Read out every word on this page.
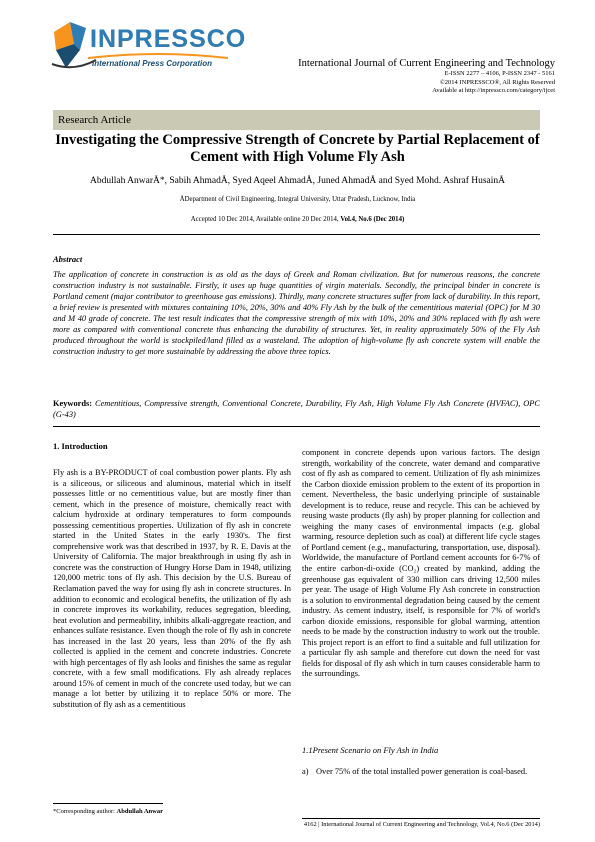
INPRESSCO
International Press Corporation	International Journal of Current Engineering and Technology
E-ISSN 2277 – 4106, P-ISSN 2347 - 5161
©2014 INPRESSCO®, All Rights Reserved
Available at http://inpressco.com/category/ijcet
Research Article
Investigating the Compressive Strength of Concrete by Partial Replacement of Cement with High Volume Fly Ash
Abdullah AnwarÅ*, Sabih AhmadÅ, Syed Aqeel AhmadÅ, Juned AhmadÅ and Syed Mohd. Ashraf HusainÅ
ÅDepartment of Civil Engineering, Integral University, Uttar Pradesh, Lucknow, India
Accepted 10 Dec 2014, Available online 20 Dec 2014, Vol.4, No.6 (Dec 2014)
Abstract
The application of concrete in construction is as old as the days of Greek and Roman civilization. But for numerous reasons, the concrete construction industry is not sustainable. Firstly, it uses up huge quantities of virgin materials. Secondly, the principal binder in concrete is Portland cement (major contributor to greenhouse gas emissions). Thirdly, many concrete structures suffer from lack of durability. In this report, a brief review is presented with mixtures containing 10%, 20%, 30% and 40% Fly Ash by the bulk of the cementitious material (OPC) for M 30 and M 40 grade of concrete. The test result indicates that the compressive strength of mix with 10%, 20% and 30% replaced with fly ash were more as compared with conventional concrete thus enhancing the durability of structures. Yet, in reality approximately 50% of the Fly Ash produced throughout the world is stockpiled/land filled as a wasteland. The adoption of high-volume fly ash concrete system will enable the construction industry to get more sustainable by addressing the above three topics.
Keywords: Cementitious, Compressive strength, Conventional Concrete, Durability, Fly Ash, High Volume Fly Ash Concrete (HVFAC), OPC (G-43)
1. Introduction
Fly ash is a BY-PRODUCT of coal combustion power plants. Fly ash is a siliceous, or siliceous and aluminous, material which in itself possesses little or no cementitious value, but are mostly finer than cement, which in the presence of moisture, chemically react with calcium hydroxide at ordinary temperatures to form compounds possessing cementitious properties. Utilization of fly ash in concrete started in the United States in the early 1930's. The first comprehensive work was that described in 1937, by R. E. Davis at the University of California. The major breakthrough in using fly ash in concrete was the construction of Hungry Horse Dam in 1948, utilizing 120,000 metric tons of fly ash. This decision by the U.S. Bureau of Reclamation paved the way for using fly ash in concrete structures. In addition to economic and ecological benefits, the utilization of fly ash in concrete improves its workability, reduces segregation, bleeding, heat evolution and permeability, inhibits alkali-aggregate reaction, and enhances sulfate resistance. Even though the role of fly ash in concrete has increased in the last 20 years, less than 20% of the fly ash collected is applied in the cement and concrete industries. Concrete with high percentages of fly ash looks and finishes the same as regular concrete, with a few small modifications. Fly ash already replaces around 15% of cement in much of the concrete used today, but we can manage a lot better by utilizing it to replace 50% or more. The substitution of fly ash as a cementitious
component in concrete depends upon various factors. The design strength, workability of the concrete, water demand and comparative cost of fly ash as compared to cement. Utilization of fly ash minimizes the Carbon dioxide emission problem to the extent of its proportion in cement. Nevertheless, the basic underlying principle of sustainable development is to reduce, reuse and recycle. This can be achieved by reusing waste products (fly ash) by proper planning for collection and weighing the many cases of environmental impacts (e.g. global warming, resource depletion such as coal) at different life cycle stages of Portland cement (e.g., manufacturing, transportation, use, disposal). Worldwide, the manufacture of Portland cement accounts for 6-7% of the entire carbon-di-oxide (CO₂) created by mankind, adding the greenhouse gas equivalent of 330 million cars driving 12,500 miles per year. The usage of High Volume Fly Ash concrete in construction is a solution to environmental degradation being caused by the cement industry. As cement industry, itself, is responsible for 7% of world's carbon dioxide emissions, responsible for global warming, attention needs to be made by the construction industry to work out the trouble. This project report is an effort to find a suitable and full utilization for a particular fly ash sample and therefore cut down the need for vast fields for disposal of fly ash which in turn causes considerable harm to the surroundings.
1.1Present Scenario on Fly Ash in India
a) Over 75% of the total installed power generation is coal-based.
*Corresponding author: Abdullah Anwar
4162 | International Journal of Current Engineering and Technology, Vol.4, No.6 (Dec 2014)
